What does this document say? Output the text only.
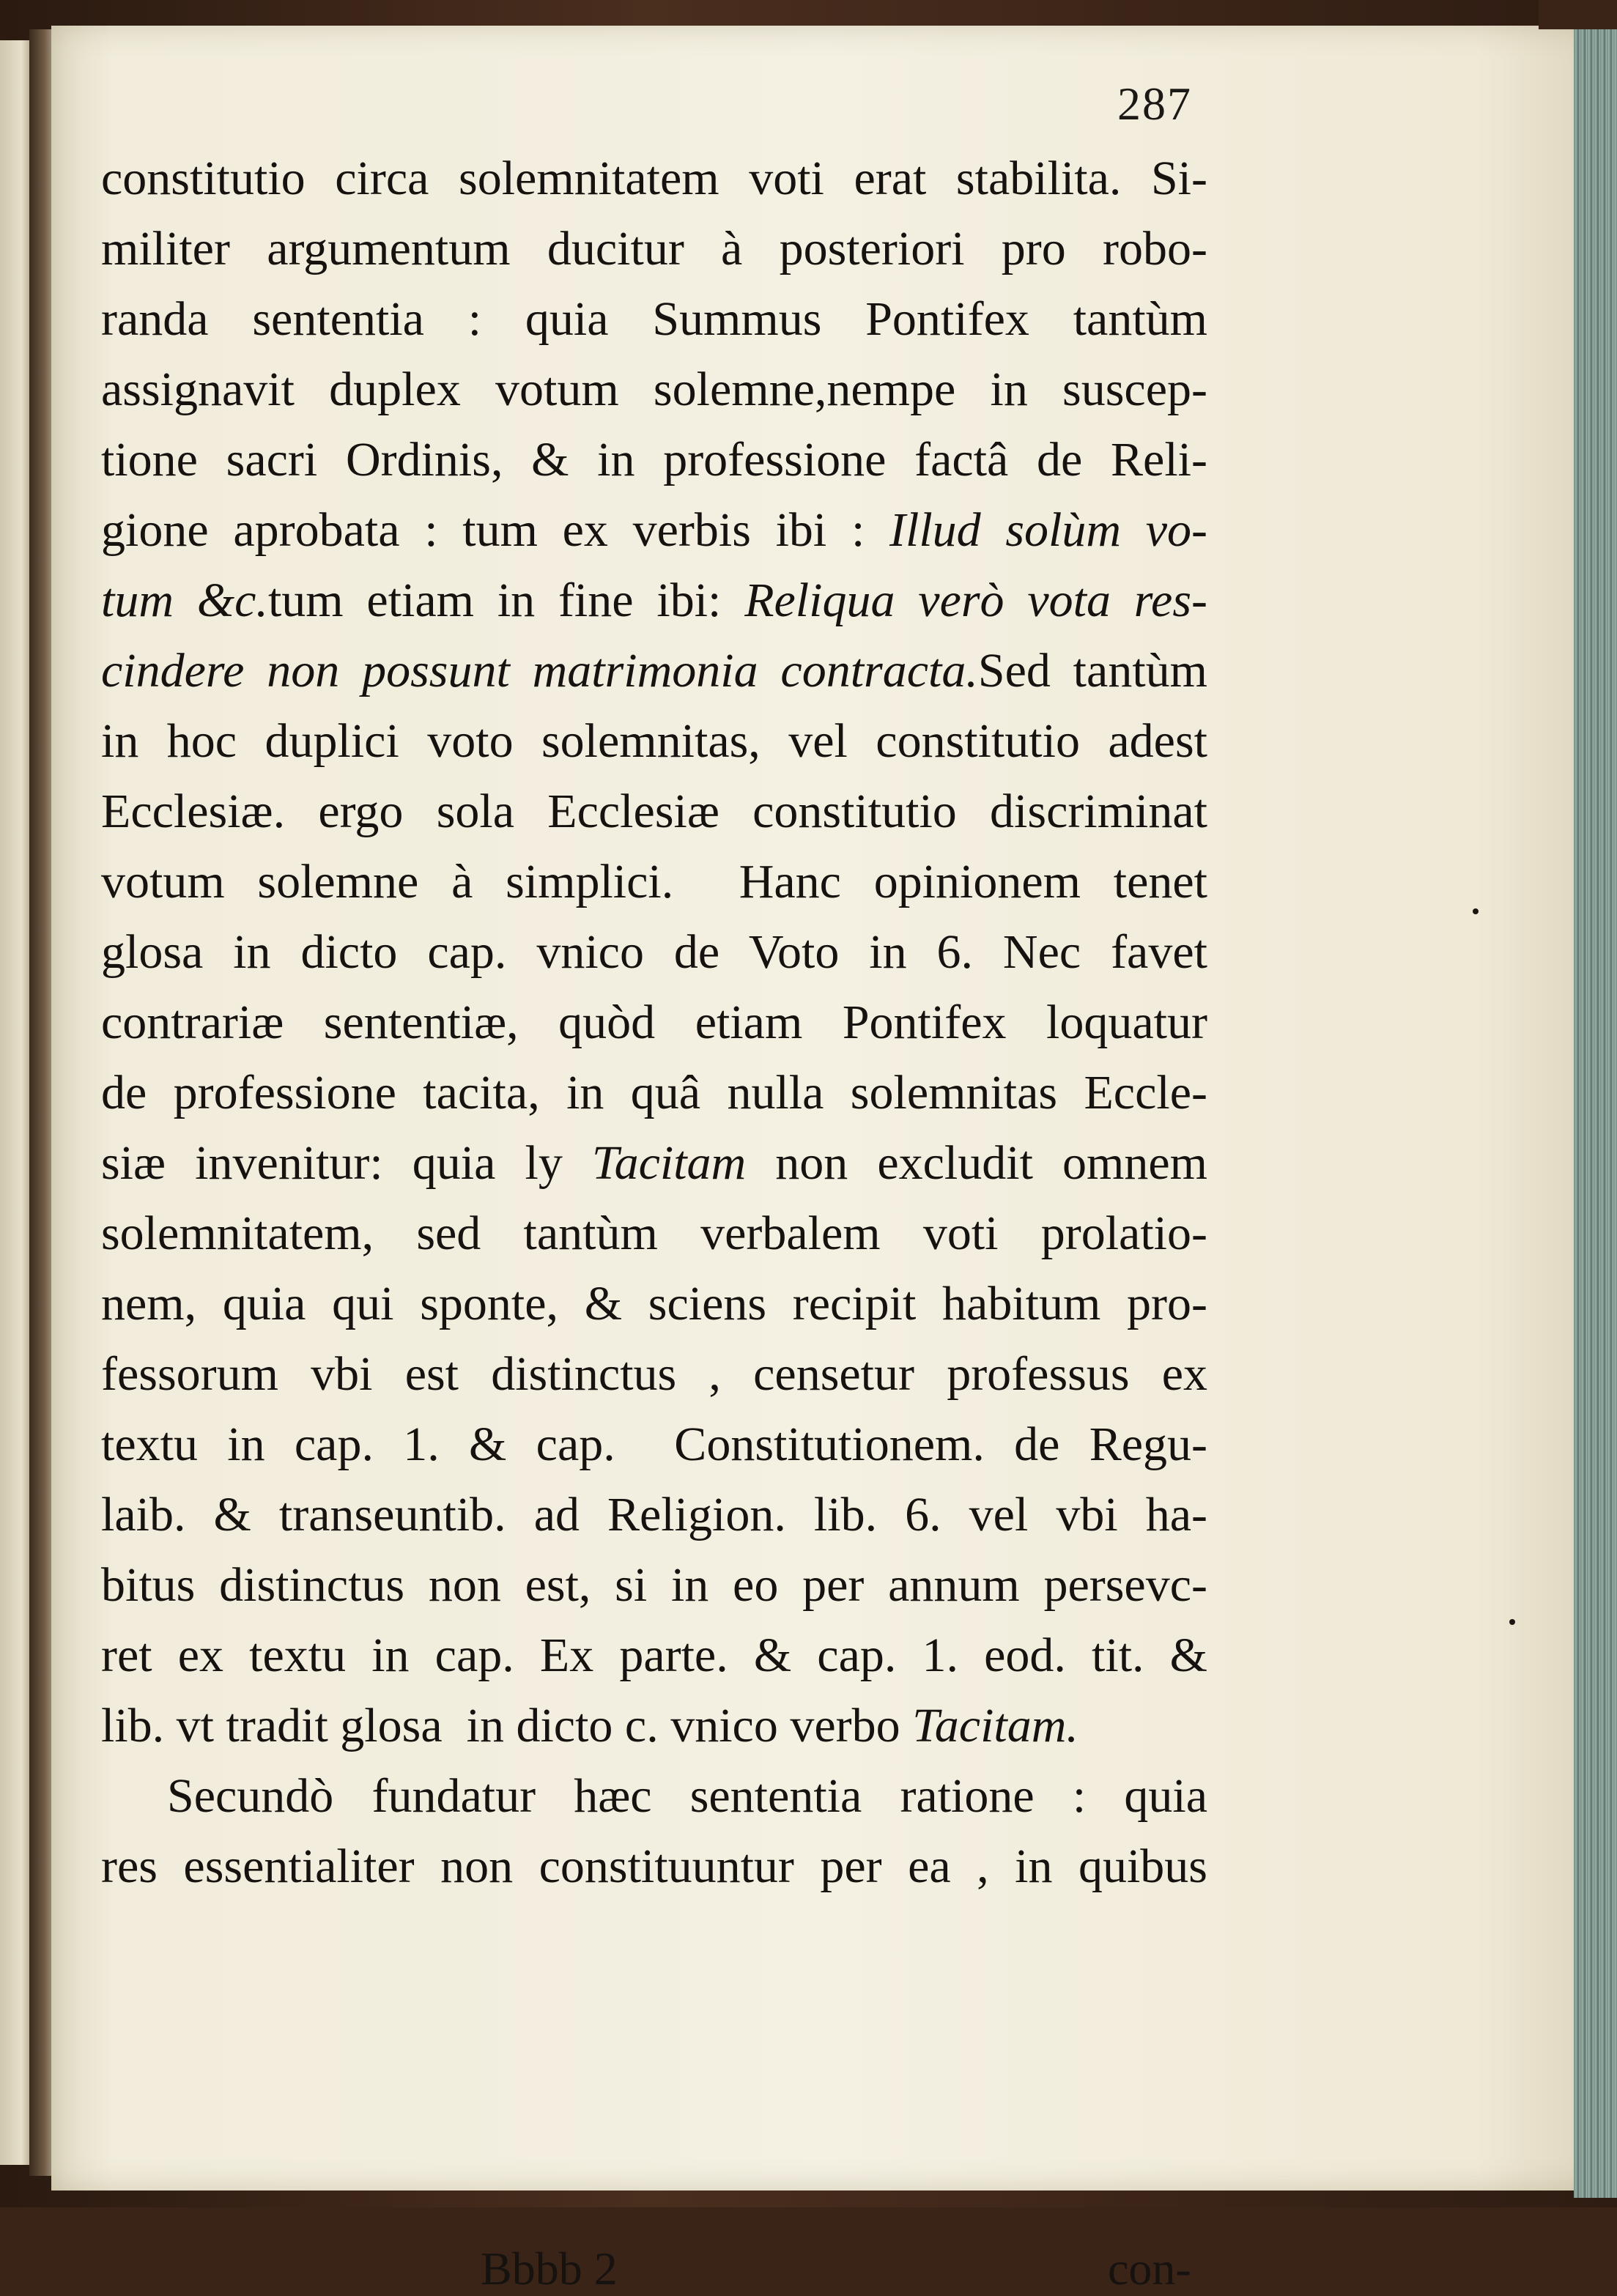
287
constitutio circa solemnitatem voti erat stabilita. Si-
militer argumentum ducitur à posteriori pro robo-
randa sententia : quia Summus Pontifex tantùm
assignavit duplex votum solemne,nempe in suscep-
tione sacri Ordinis, & in professione factâ de Reli-
gione aprobata : tum ex verbis ibi : Illud solùm vo-
tum &c.tum etiam in fine ibi: Reliqua verò vota res-
cindere non possunt matrimonia contracta.Sed tantùm
in hoc duplici voto solemnitas, vel constitutio adest
Ecclesiæ. ergo sola Ecclesiæ constitutio discriminat
votum solemne à simplici.  Hanc opinionem tenet
glosa in dicto cap. vnico de Voto in 6. Nec favet
contrariæ sententiæ, quòd etiam Pontifex loquatur
de professione tacita, in quâ nulla solemnitas Eccle-
siæ invenitur: quia ly Tacitam non excludit omnem
solemnitatem, sed tantùm verbalem voti prolatio-
nem, quia qui sponte, & sciens recipit habitum pro-
fessorum vbi est distinctus , censetur professus ex
textu in cap. 1. & cap.  Constitutionem. de Regu-
laib. & transeuntib. ad Religion. lib. 6. vel vbi ha-
bitus distinctus non est, si in eo per annum persevc-
ret ex textu in cap. Ex parte. & cap. 1. eod. tit. &
lib. vt tradit glosa  in dicto c. vnico verbo Tacitam.
Secundò fundatur hæc sententia ratione : quia
res essentialiter non constituuntur per ea , in quibus
Bbbb 2	con-
